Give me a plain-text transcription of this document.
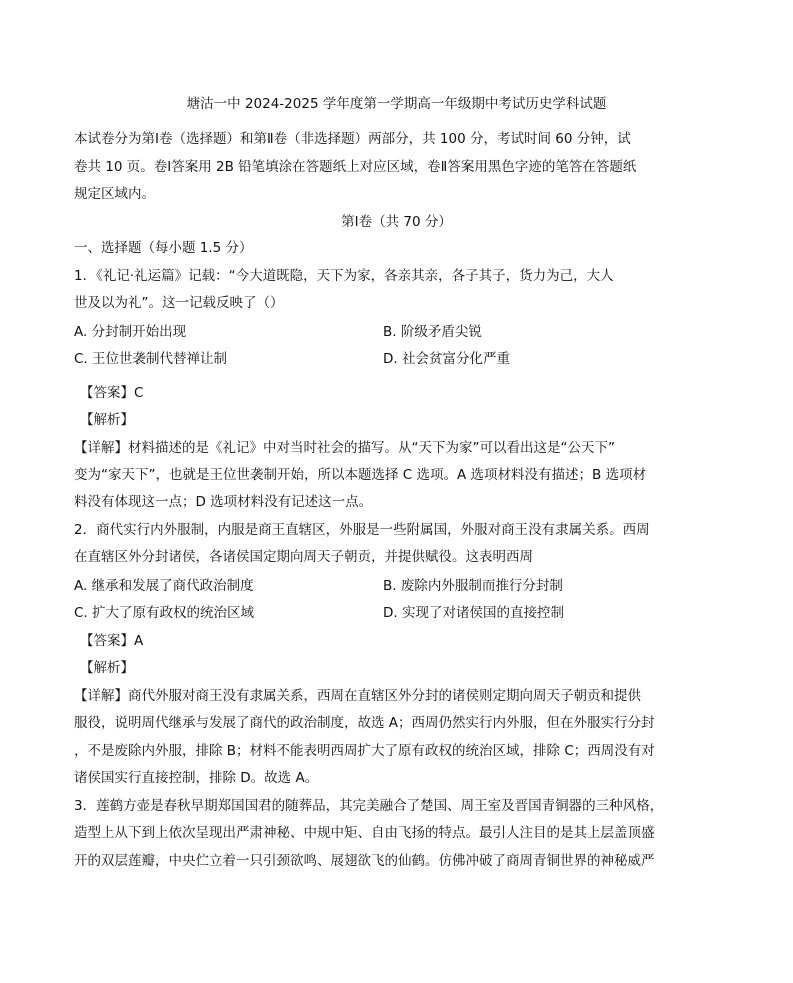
塘沽一中 2024-2025 学年度第一学期高一年级期中考试历史学科试题
本试卷分为第Ⅰ卷（选择题）和第Ⅱ卷（非选择题）两部分，共 100 分，考试时间 60 分钟，试
卷共 10 页。卷Ⅰ答案用 2B 铅笔填涂在答题纸上对应区域，卷Ⅱ答案用黑色字迹的笔答在答题纸
规定区域内。
第Ⅰ卷（共 70 分）
一、选择题（每小题 1.5 分）
1．《礼记·礼运篇》记载：“今大道既隐，天下为家，各亲其亲，各子其子，货力为己，大人
世及以为礼”。这一记载反映了（）
A. 分封制开始出现	B. 阶级矛盾尖锐
C. 王位世袭制代替禅让制	D. 社会贫富分化严重
【答案】C
【解析】
【详解】材料描述的是《礼记》中对当时社会的描写。从“天下为家”可以看出这是“公天下”
变为“家天下”，也就是王位世袭制开始，所以本题选择 C 选项。A 选项材料没有描述；B 选项材
料没有体现这一点；D 选项材料没有记述这一点。
2．商代实行内外服制，内服是商王直辖区，外服是一些附属国，外服对商王没有隶属关系。西周
在直辖区外分封诸侯，各诸侯国定期向周天子朝贡，并提供赋役。这表明西周
A. 继承和发展了商代政治制度	B. 废除内外服制而推行分封制
C. 扩大了原有政权的统治区域	D. 实现了对诸侯国的直接控制
【答案】A
【解析】
【详解】商代外服对商王没有隶属关系，西周在直辖区外分封的诸侯则定期向周天子朝贡和提供
服役，说明周代继承与发展了商代的政治制度，故选 A；西周仍然实行内外服，但在外服实行分封
，不是废除内外服，排除 B；材料不能表明西周扩大了原有政权的统治区域，排除 C；西周没有对
诸侯国实行直接控制，排除 D。故选 A。
3．莲鹤方壶是春秋早期郑国国君的随葬品，其完美融合了楚国、周王室及晋国青铜器的三种风格，
造型上从下到上依次呈现出严肃神秘、中规中矩、自由飞扬的特点。最引人注目的是其上层盖顶盛
开的双层莲瓣，中央伫立着一只引颈欲鸣、展翅欲飞的仙鹤。仿佛冲破了商周青铜世界的神秘威严
